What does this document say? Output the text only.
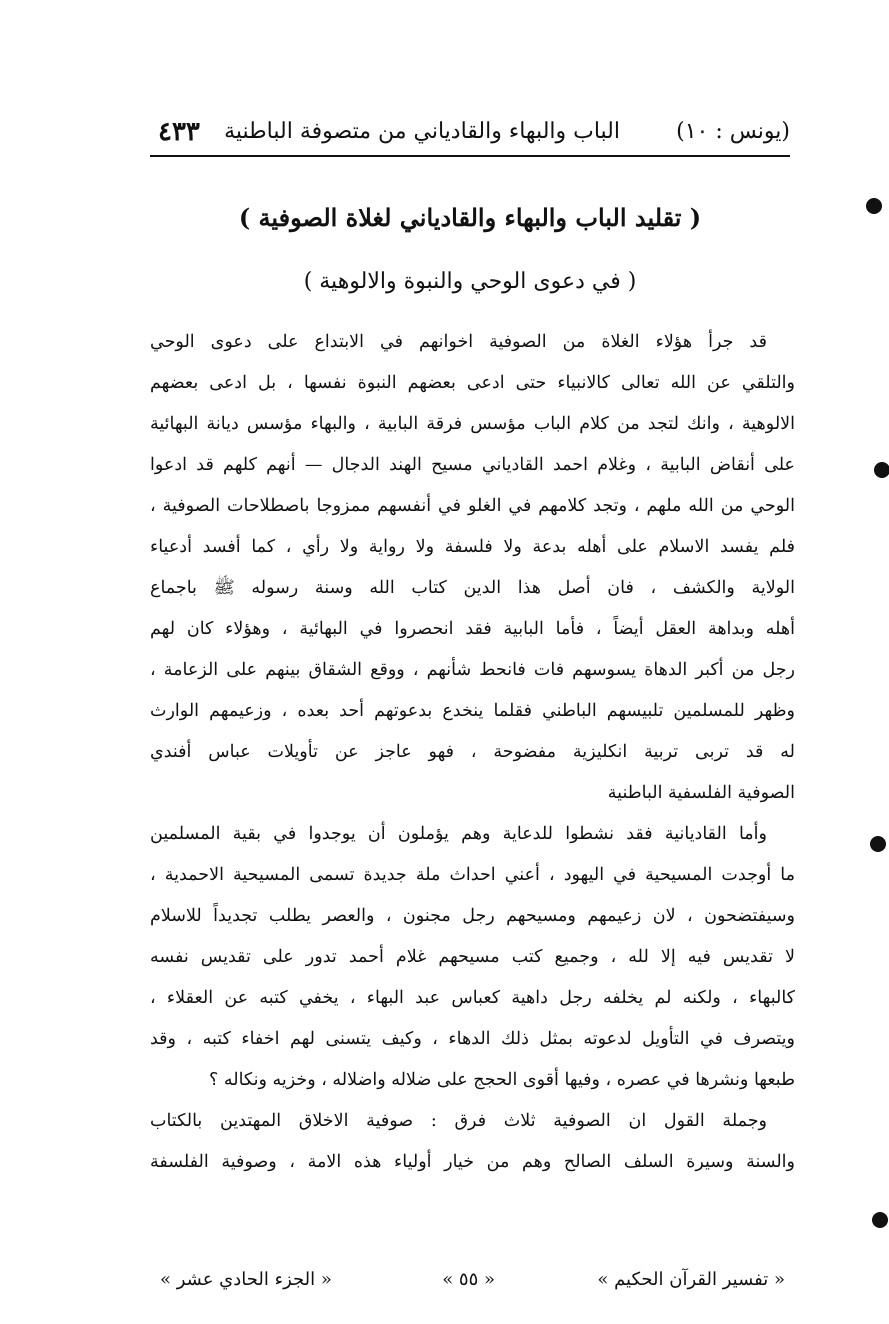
(يونس : ١٠)
الباب والبهاء والقادياني من متصوفة الباطنية
٤٣٣
( تقليد الباب والبهاء والقادياني لغلاة الصوفية )
( في دعوى الوحي والنبوة والالوهية )
قد جرأ هؤلاء الغلاة من الصوفية اخوانهم في الابتداع على دعوى الوحي
والتلقي عن الله تعالى كالانبياء حتى ادعى بعضهم النبوة نفسها ، بل ادعى بعضهم
الالوهية ، وانك لتجد من كلام الباب مؤسس فرقة البابية ، والبهاء مؤسس ديانة البهائية
على أنقاض البابية ، وغلام احمد القادياني مسيح الهند الدجال — أنهم كلهم قد ادعوا
الوحي من الله ملهم ، وتجد كلامهم في الغلو في أنفسهم ممزوجا باصطلاحات الصوفية ،
فلم يفسد الاسلام على أهله بدعة ولا فلسفة ولا رواية ولا رأي ، كما أفسد أدعياء
الولاية والكشف ، فان أصل هذا الدين كتاب الله وسنة رسوله ﷺ باجماع
أهله وبداهة العقل أيضاً ، فأما البابية فقد انحصروا في البهائية ، وهؤلاء كان لهم
رجل من أكبر الدهاة يسوسهم فات فانحط شأنهم ، ووقع الشقاق بينهم على الزعامة ،
وظهر للمسلمين تلبيسهم الباطني فقلما ينخدع بدعوتهم أحد بعده ، وزعيمهم الوارث
له قد تربى تربية انكليزية مفضوحة ، فهو عاجز عن تأويلات عباس أفندي
الصوفية الفلسفية الباطنية
وأما القاديانية فقد نشطوا للدعاية وهم يؤملون أن يوجدوا في بقية المسلمين
ما أوجدت المسيحية في اليهود ، أعني احداث ملة جديدة تسمى المسيحية الاحمدية ،
وسيفتضحون ، لان زعيمهم ومسيحهم رجل مجنون ، والعصر يطلب تجديداً للاسلام
لا تقديس فيه إلا لله ، وجميع كتب مسيحهم غلام أحمد تدور على تقديس نفسه
كالبهاء ، ولكنه لم يخلفه رجل داهية كعباس عبد البهاء ، يخفي كتبه عن العقلاء ،
ويتصرف في التأويل لدعوته بمثل ذلك الدهاء ، وكيف يتسنى لهم اخفاء كتبه ، وقد
طبعها ونشرها في عصره ، وفيها أقوى الحجج على ضلاله واضلاله ، وخزيه ونكاله ؟
وجملة القول ان الصوفية ثلاث فرق : صوفية الاخلاق المهتدين بالكتاب
والسنة وسيرة السلف الصالح وهم من خيار أولياء هذه الامة ، وصوفية الفلسفة
« تفسير القرآن الحكيم »
« ٥٥ »
« الجزء الحادي عشر »
